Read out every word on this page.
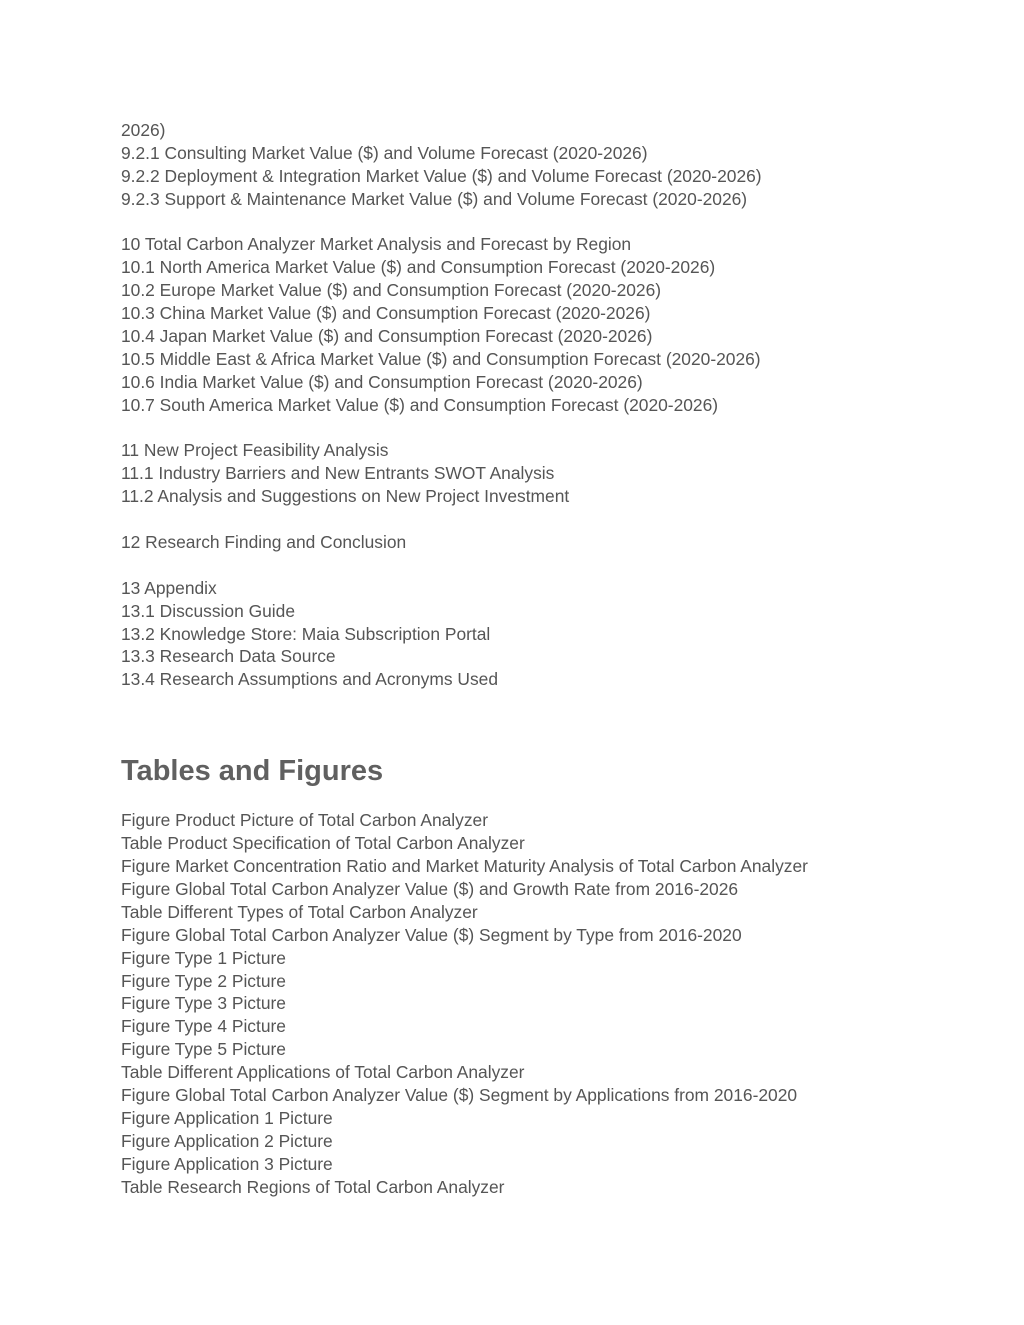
2026)

9.2.1 Consulting Market Value ($) and Volume Forecast (2020-2026)

9.2.2 Deployment & Integration Market Value ($) and Volume Forecast (2020-2026)

9.2.3 Support & Maintenance Market Value ($) and Volume Forecast (2020-2026)

10 Total Carbon Analyzer Market Analysis and Forecast by Region

10.1 North America Market Value ($) and Consumption Forecast (2020-2026)

10.2 Europe Market Value ($) and Consumption Forecast (2020-2026)

10.3 China Market Value ($) and Consumption Forecast (2020-2026)

10.4 Japan Market Value ($) and Consumption Forecast (2020-2026)

10.5 Middle East & Africa Market Value ($) and Consumption Forecast (2020-2026)

10.6 India Market Value ($) and Consumption Forecast (2020-2026)

10.7 South America Market Value ($) and Consumption Forecast (2020-2026)

11 New Project Feasibility Analysis

11.1 Industry Barriers and New Entrants SWOT Analysis

11.2 Analysis and Suggestions on New Project Investment

12 Research Finding and Conclusion

13 Appendix

13.1 Discussion Guide

13.2 Knowledge Store: Maia Subscription Portal

13.3 Research Data Source

13.4 Research Assumptions and Acronyms Used

Tables and Figures

Figure Product Picture of Total Carbon Analyzer

Table Product Specification of Total Carbon Analyzer

Figure Market Concentration Ratio and Market Maturity Analysis of Total Carbon Analyzer

Figure Global Total Carbon Analyzer Value ($) and Growth Rate from 2016-2026

Table Different Types of Total Carbon Analyzer

Figure Global Total Carbon Analyzer Value ($) Segment by Type from 2016-2020

Figure Type 1 Picture

Figure Type 2 Picture

Figure Type 3 Picture

Figure Type 4 Picture

Figure Type 5 Picture

Table Different Applications of Total Carbon Analyzer

Figure Global Total Carbon Analyzer Value ($) Segment by Applications from 2016-2020

Figure Application 1 Picture

Figure Application 2 Picture

Figure Application 3 Picture

Table Research Regions of Total Carbon Analyzer
